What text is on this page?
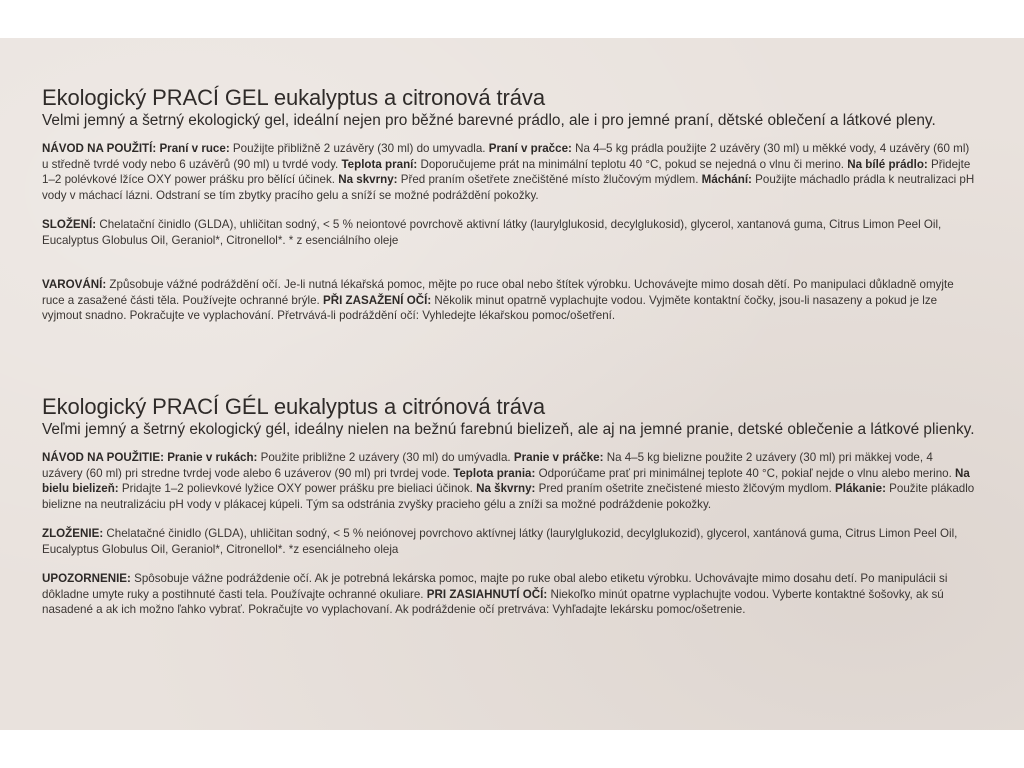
Ekologický PRACÍ GEL eukalyptus a citronová tráva

Velmi jemný a šetrný ekologický gel, ideální nejen pro běžné barevné prádlo, ale i pro jemné praní, dětské oblečení a látkové pleny.

NÁVOD NA POUŽITÍ: Praní v ruce: Použijte přibližně 2 uzávěry (30 ml) do umyvadla. Praní v pračce: Na 4–5 kg prádla použijte 2 uzávěry (30 ml) u měkké vody, 4 uzávěry (60 ml) u středně tvrdé vody nebo 6 uzávěrů (90 ml) u tvrdé vody. Teplota praní: Doporučujeme prát na minimální teplotu 40 °C, pokud se nejedná o vlnu či merino. Na bílé prádlo: Přidejte 1–2 polévkové lžíce OXY power prášku pro bělící účinek. Na skvrny: Před praním ošetřete znečištěné místo žlučovým mýdlem. Máchání: Použijte máchadlo prádla k neutralizaci pH vody v máchací lázni. Odstraní se tím zbytky pracího gelu a sníží se možné podráždění pokožky.

SLOŽENÍ: Chelatační činidlo (GLDA), uhličitan sodný, < 5 % neiontové povrchově aktivní látky (laurylglukosid, decylglukosid), glycerol, xantanová guma, Citrus Limon Peel Oil, Eucalyptus Globulus Oil, Geraniol*, Citronellol*. * z esenciálního oleje

VAROVÁNÍ: Způsobuje vážné podráždění očí. Je-li nutná lékařská pomoc, mějte po ruce obal nebo štítek výrobku. Uchovávejte mimo dosah dětí. Po manipulaci důkladně omyjte ruce a zasažené části těla. Používejte ochranné brýle. PŘI ZASAŽENÍ OČÍ: Několik minut opatrně vyplachujte vodou. Vyjměte kontaktní čočky, jsou-li nasazeny a pokud je lze vyjmout snadno. Pokračujte ve vyplachování. Přetrvává-li podráždění očí: Vyhledejte lékařskou pomoc/ošetření.

Ekologický PRACÍ GÉL eukalyptus a citrónová tráva

Veľmi jemný a šetrný ekologický gél, ideálny nielen na bežnú farebnú bielizeň, ale aj na jemné pranie, detské oblečenie a látkové plienky.

NÁVOD NA POUŽITIE: Pranie v rukách: Použite približne 2 uzávery (30 ml) do umývadla. Pranie v práčke: Na 4–5 kg bielizne použite 2 uzávery (30 ml) pri mäkkej vode, 4 uzávery (60 ml) pri stredne tvrdej vode alebo 6 uzáverov (90 ml) pri tvrdej vode. Teplota prania: Odporúčame prať pri minimálnej teplote 40 °C, pokiaľ nejde o vlnu alebo merino. Na bielu bielizeň: Pridajte 1–2 polievkové lyžice OXY power prášku pre bieliaci účinok. Na škvrny: Pred praním ošetrite znečistené miesto žlčovým mydlom. Plákanie: Použite plákadlo bielizne na neutralizáciu pH vody v plákacej kúpeli. Tým sa odstránia zvyšky pracieho gélu a zníži sa možné podráždenie pokožky.

ZLOŽENIE: Chelatačné činidlo (GLDA), uhličitan sodný, < 5 % neiónovej povrchovo aktívnej látky (laurylglukozid, decylglukozid), glycerol, xantánová guma, Citrus Limon Peel Oil, Eucalyptus Globulus Oil, Geraniol*, Citronellol*. *z esenciálneho oleja

UPOZORNENIE: Spôsobuje vážne podráždenie očí. Ak je potrebná lekárska pomoc, majte po ruke obal alebo etiketu výrobku. Uchovávajte mimo dosahu detí. Po manipulácii si dôkladne umyte ruky a postihnuté časti tela. Používajte ochranné okuliare. PRI ZASIAHNUTÍ OČÍ: Niekoľko minút opatrne vyplachujte vodou. Vyberte kontaktné šošovky, ak sú nasadené a ak ich možno ľahko vybrať. Pokračujte vo vyplachovaní. Ak podráždenie očí pretrváva: Vyhľadajte lekársku pomoc/ošetrenie.
